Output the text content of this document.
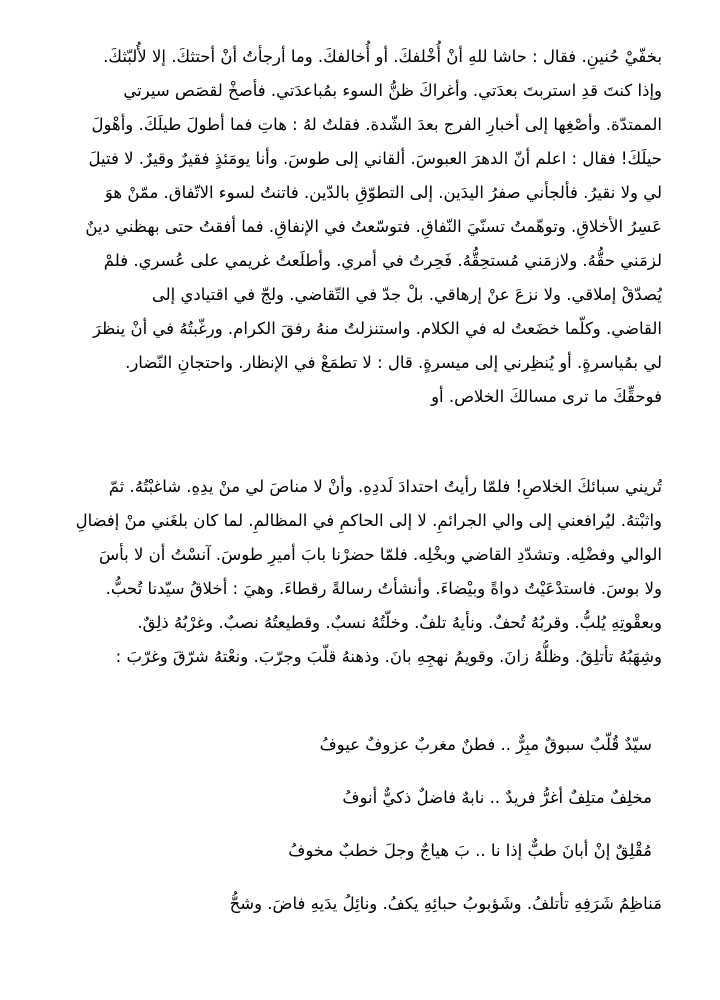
بخفّيْ حُنينِ. فقال : حاشا للهِ أنْ أُخْلفكَ. أو أُخالفكَ. وما أرجأتُ أنْ أحتثكَ. إلا لأُلبّثكَ.
وإذا كنتَ قدِ استربتَ بعدَتي. وأغراكَ ظنُّ السوء بمُباعدَتي. فأصخْ لقصَص سيرتي
الممتدّة. وأصْغِها إلى أخبارِ الفرج بعدَ الشّدة. فقلتُ لهُ : هاتِ فما أطولَ طيلَكَ. وأهْولَ
حيلَكَ! فقال : اعلم أنّ الدهرَ العبوسَ. ألقاني إلى طوسَ. وأنا يومَئذٍ فقيرٌ وقيرٌ. لا فتيلَ
لي ولا نقيرُ. فألجأني صفرُ اليدَين. إلى التطوّقِ بالدّين. فاتنتُ لسوء الاتّفاق. ممّنْ هوَ
عَسِرُ الأخلاقِ. وتوهّمتُ تسنّيَ النّفاقِ. فتوسّعتُ في الإنفاقِ. فما أفقتُ حتى بهظني دينٌ
لزمَني حقُّهُ. ولازمَني مُستحِقُّهُ. فَحِرتُ في أمري. وأطلَعتُ غريمي على عُسري. فلمْ
يُصدّقْ إملاقي. ولا نزعَ عنْ إرهاقي. بلْ جدّ في التّقاضي. ولجّ في اقتيادي إلى
القاضي. وكلّما خضَعتُ له في الكلام. واستنزلتُ منهُ رفقَ الكرام. ورغّبتُهُ في أنْ ينظرَ
لي بمُياسرةٍ. أو يُنظِرني إلى ميسرةٍ. قال : لا تطمَعْ في الإنظار. واحتجانِ النّضار.
فوحقِّكَ ما ترى مسالكَ الخلاص. أو
تُريني سبائكَ الخلاصِ! فلمّا رأيتُ احتدادَ لَددِهِ. وأنْ لا مناصَ لي منْ يدِهِ. شاغبْتُهُ. ثمّ
واثبْتهُ. ليُرافعني إلى والي الجرائمِ. لا إلى الحاكمِ في المظالمِ. لما كان بلغَني منْ إفضالِ
الوالي وفضْلِه. وتشدّدِ القاضي وبخْلِه. فلمّا حضرْنا بابَ أميرِ طوسَ. آنسْتُ أن لا بأسَ
ولا بوسَ. فاستدْعَيْتُ دواةً وبيْضاءَ. وأنشأتُ رسالةً رقطاءَ. وهيَ : أخلاقُ سيّدنا تُحبُّ.
وبعقْوتِهِ يُلبُّ. وقربُهُ تُحفٌ. ونأيهُ تلفٌ. وخلّتُهُ نسبٌ. وقطيعتُهُ نصبٌ. وغرْبُهُ ذلِقٌ.
وشِهَبُهُ تأتلِقُ. وظلُّهُ زانَ. وقويمُ نهجِهِ بانَ. وذهنهُ قلّبَ وجرّبَ. ونعْتهُ شرّقَ وغرّبَ :
سيّدٌ قُلّبٌ سبوقٌ مبِرٌّ .. فطنٌ مغربٌ عزوفٌ عيوفُ
مخلِفٌ متلِفٌ أغرُّ فريدٌ .. نابهٌ فاضلٌ ذكيٌّ أنوفُ
مُقْلِقٌ إنْ أبانَ طبٌّ إذا نا .. بَ هياجٌ وجلَ خطبٌ مخوفُ
مَناظِمُ شَرَفِهِ تأتلفُ. وشَؤبوبُ حبائِهِ يكفُ. ونائِلُ يدَيهِ فاضَ. وشحُّ
